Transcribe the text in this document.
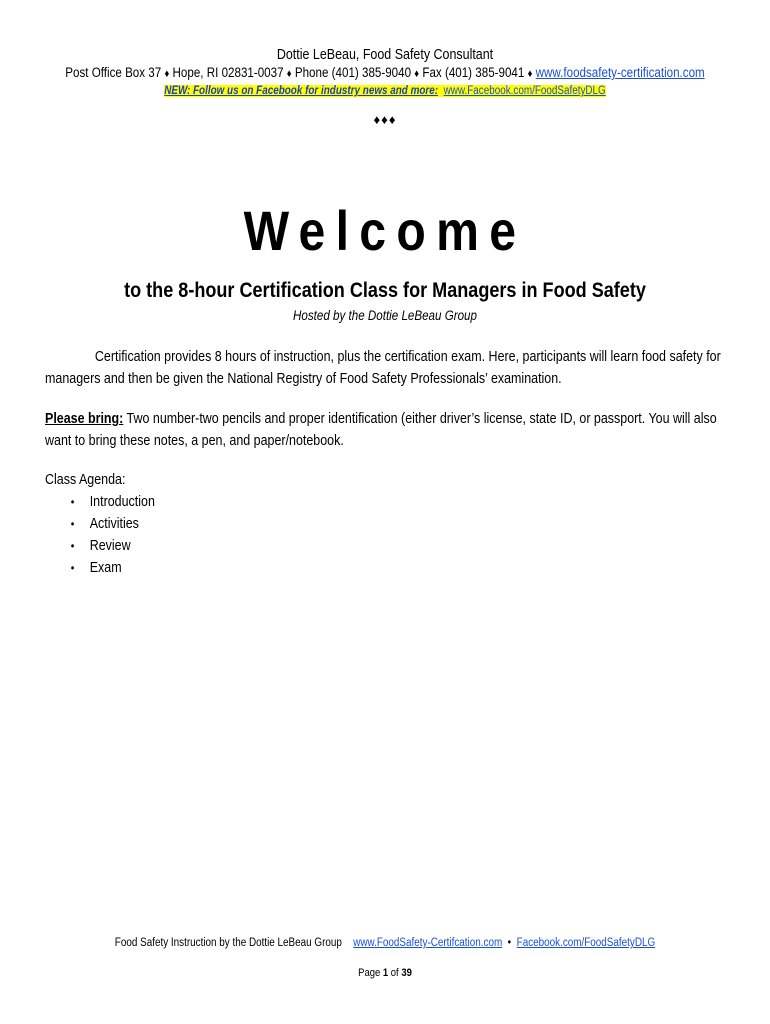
Dottie LeBeau, Food Safety Consultant
Post Office Box 37 ♦ Hope, RI 02831-0037 ♦ Phone (401) 385-9040 ♦ Fax (401) 385-9041 ♦ www.foodsafety-certification.com
NEW: Follow us on Facebook for industry news and more: www.Facebook.com/FoodSafetyDLG
♦♦♦
Welcome
to the 8-hour Certification Class for Managers in Food Safety
Hosted by the Dottie LeBeau Group
Certification provides 8 hours of instruction, plus the certification exam. Here, participants will learn food safety for managers and then be given the National Registry of Food Safety Professionals’ examination.
Please bring: Two number-two pencils and proper identification (either driver’s license, state ID, or passport. You will also want to bring these notes, a pen, and paper/notebook.
Class Agenda:
• Introduction
• Activities
• Review
• Exam
Food Safety Instruction by the Dottie LeBeau Group www.FoodSafety-Certifcation.com • Facebook.com/FoodSafetyDLG
Page 1 of 39
